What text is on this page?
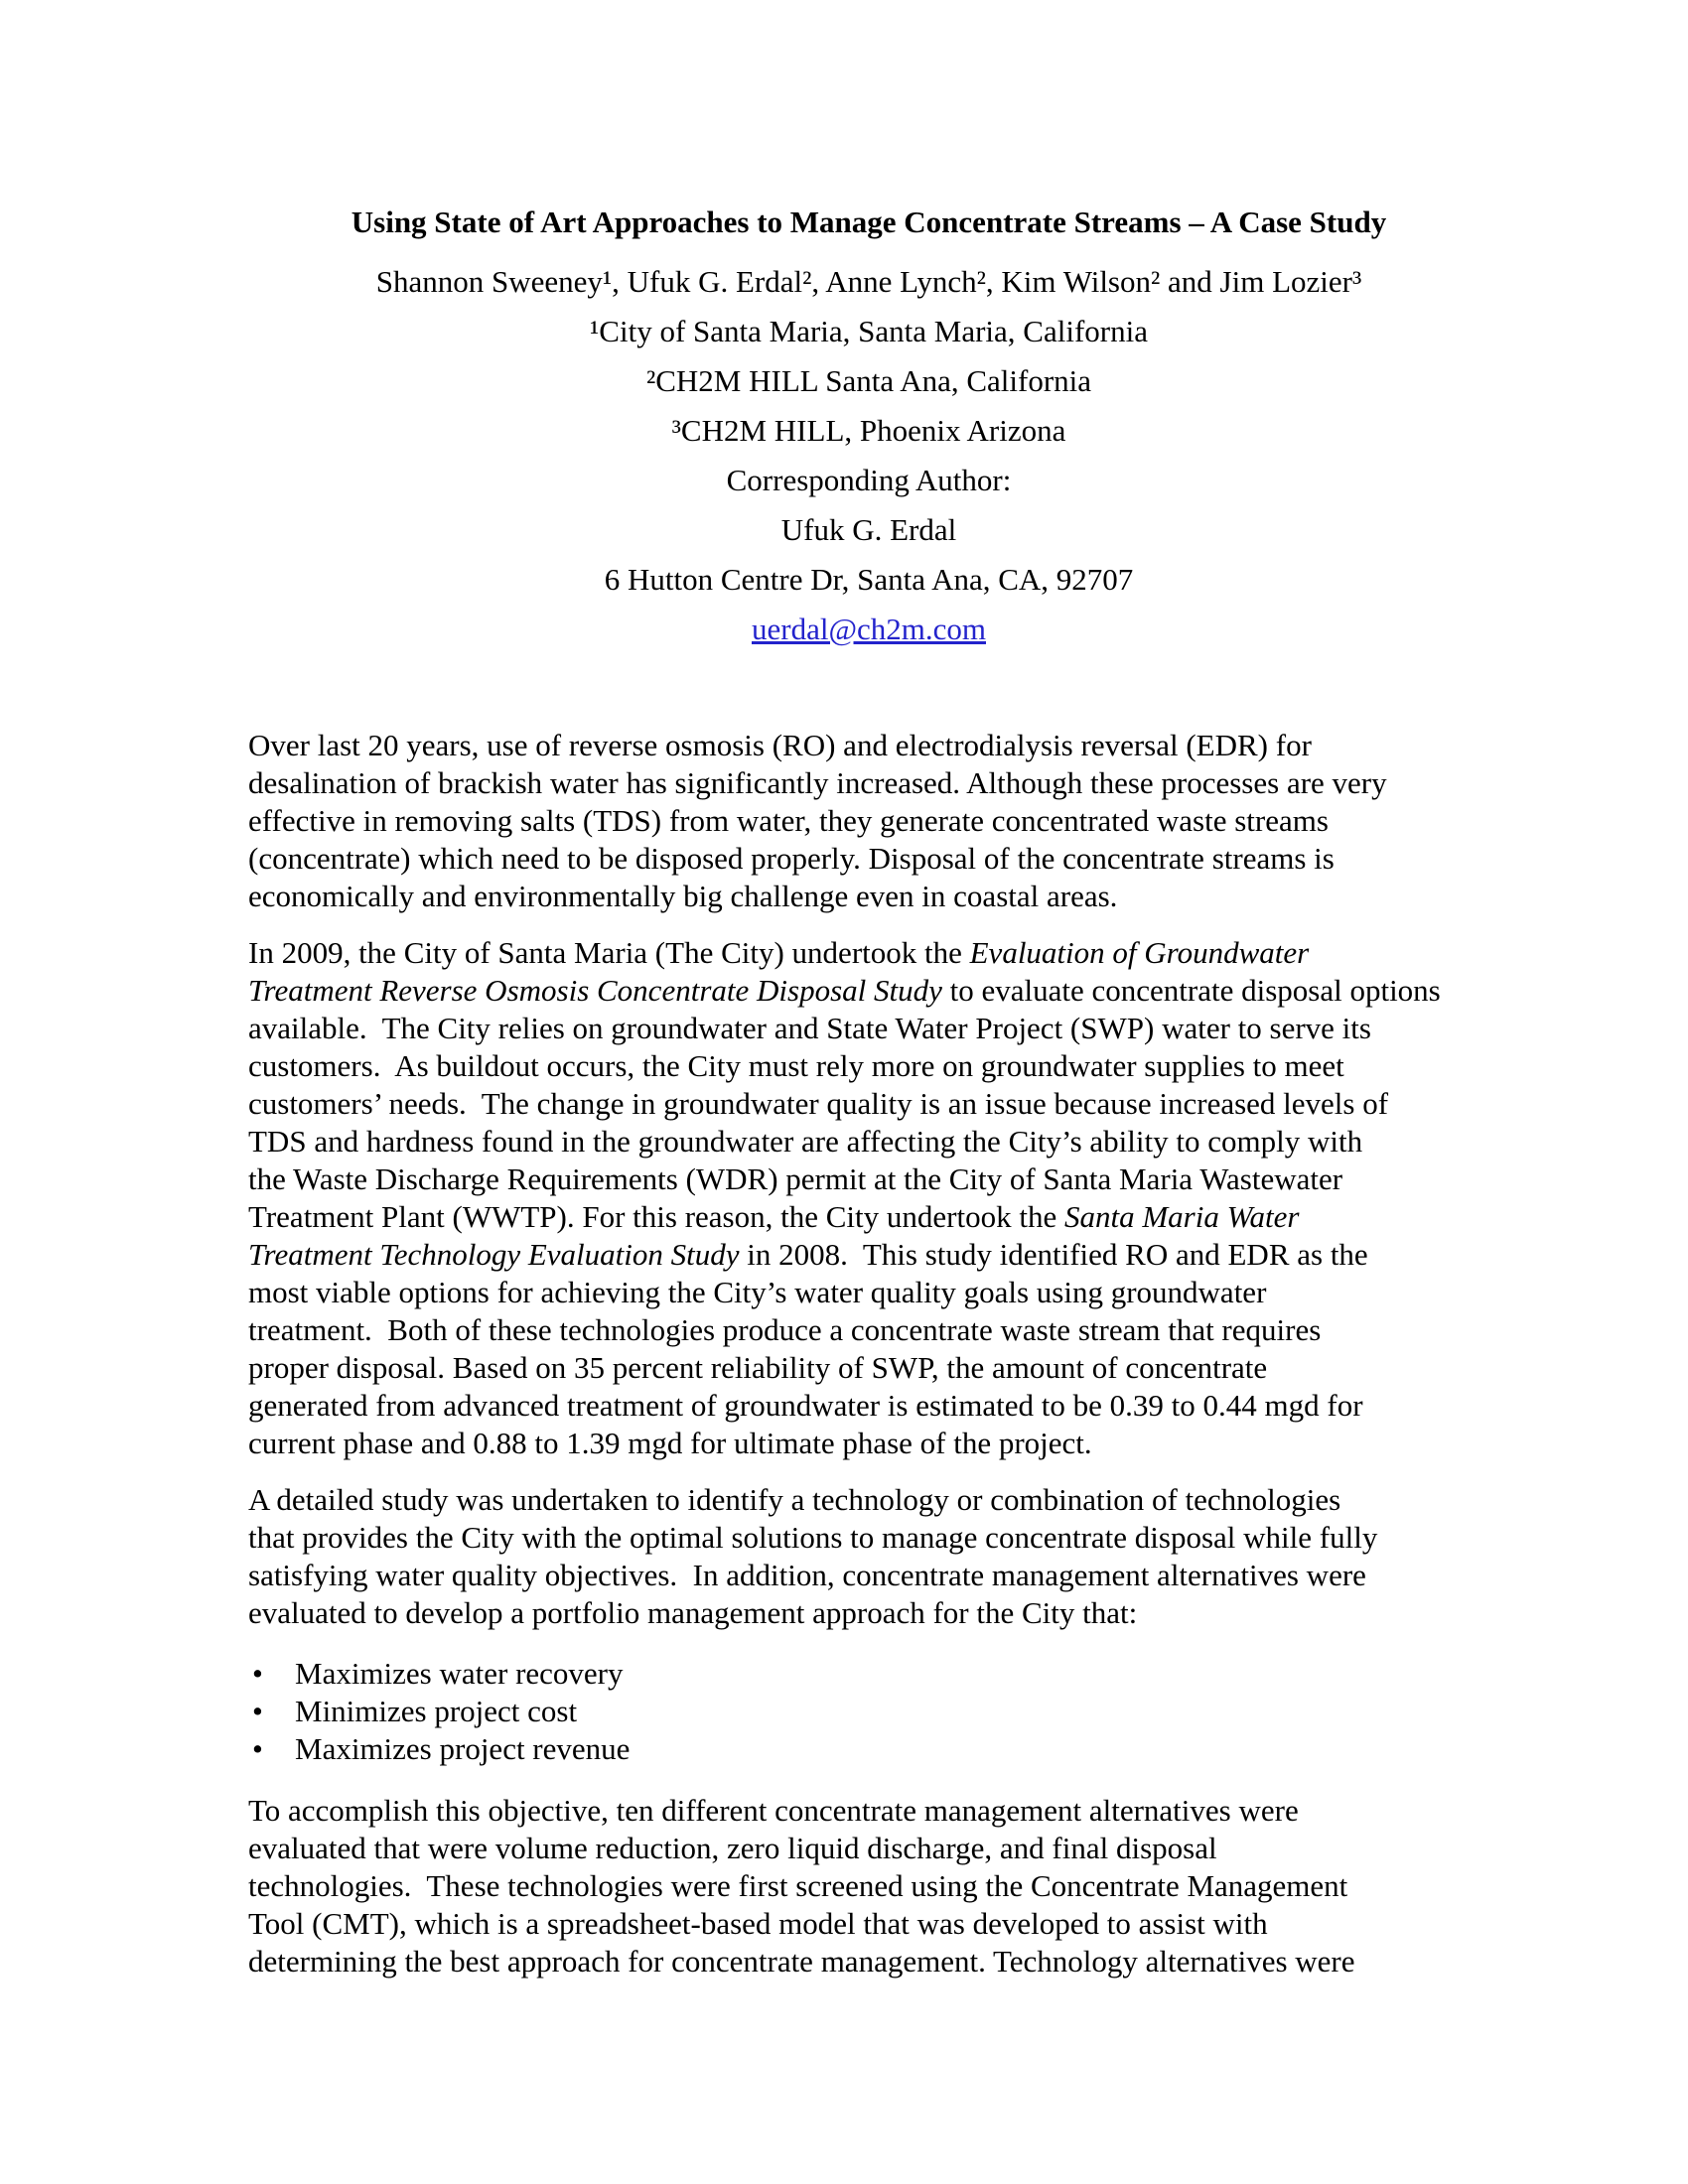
Using State of Art Approaches to Manage Concentrate Streams – A Case Study
Shannon Sweeney¹, Ufuk G. Erdal², Anne Lynch², Kim Wilson² and Jim Lozier³
¹City of Santa Maria, Santa Maria, California
²CH2M HILL Santa Ana, California
³CH2M HILL, Phoenix Arizona
Corresponding Author:
Ufuk G. Erdal
6 Hutton Centre Dr, Santa Ana, CA, 92707
uerdal@ch2m.com
Over last 20 years, use of reverse osmosis (RO) and electrodialysis reversal (EDR) for
desalination of brackish water has significantly increased. Although these processes are very
effective in removing salts (TDS) from water, they generate concentrated waste streams
(concentrate) which need to be disposed properly. Disposal of the concentrate streams is
economically and environmentally big challenge even in coastal areas.
In 2009, the City of Santa Maria (The City) undertook the Evaluation of Groundwater
Treatment Reverse Osmosis Concentrate Disposal Study to evaluate concentrate disposal options
available.  The City relies on groundwater and State Water Project (SWP) water to serve its
customers.  As buildout occurs, the City must rely more on groundwater supplies to meet
customers’ needs.  The change in groundwater quality is an issue because increased levels of
TDS and hardness found in the groundwater are affecting the City’s ability to comply with
the Waste Discharge Requirements (WDR) permit at the City of Santa Maria Wastewater
Treatment Plant (WWTP). For this reason, the City undertook the Santa Maria Water
Treatment Technology Evaluation Study in 2008.  This study identified RO and EDR as the
most viable options for achieving the City’s water quality goals using groundwater
treatment.  Both of these technologies produce a concentrate waste stream that requires
proper disposal. Based on 35 percent reliability of SWP, the amount of concentrate
generated from advanced treatment of groundwater is estimated to be 0.39 to 0.44 mgd for
current phase and 0.88 to 1.39 mgd for ultimate phase of the project.
A detailed study was undertaken to identify a technology or combination of technologies
that provides the City with the optimal solutions to manage concentrate disposal while fully
satisfying water quality objectives.  In addition, concentrate management alternatives were
evaluated to develop a portfolio management approach for the City that:
•	Maximizes water recovery
•	Minimizes project cost
•	Maximizes project revenue
To accomplish this objective, ten different concentrate management alternatives were
evaluated that were volume reduction, zero liquid discharge, and final disposal
technologies.  These technologies were first screened using the Concentrate Management
Tool (CMT), which is a spreadsheet-based model that was developed to assist with
determining the best approach for concentrate management. Technology alternatives were
